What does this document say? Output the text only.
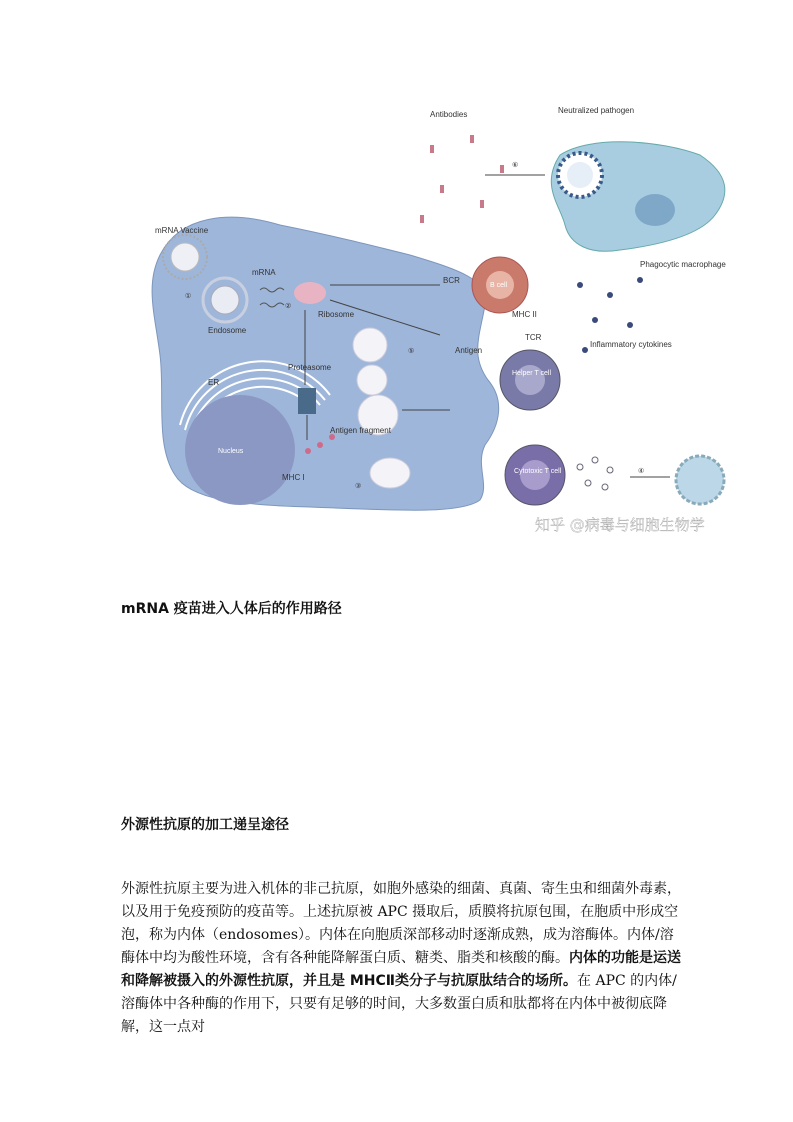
Antibodies	Neutralized pathogen
mRNA Vaccine
mRNA
Endosome
Ribosome
BCR
B cell
MHC II
TCR
Antigen
Proteasome
ER
Nucleus
Antigen fragment
MHC I
Helper T cell
Cytotoxic T cell
Phagocytic macrophage
Inflammatory cytokines
①
②
③
④
⑤
⑥
知乎 @病毒与细胞生物学
mRNA 疫苗进入人体后的作用路径
外源性抗原的加工递呈途径
外源性抗原主要为进入机体的非己抗原，如胞外感染的细菌、真菌、寄生虫和细菌外毒素，以及用于免疫预防的疫苗等。上述抗原被 APC 摄取后，质膜将抗原包围，在胞质中形成空泡，称为内体（endosomes）。内体在向胞质深部移动时逐渐成熟，成为溶酶体。内体/溶酶体中均为酸性环境，含有各种能降解蛋白质、糖类、脂类和核酸的酶。内体的功能是运送和降解被摄入的外源性抗原，并且是 MHCⅡ类分子与抗原肽结合的场所。在 APC 的内体/溶酶体中各种酶的作用下，只要有足够的时间，大多数蛋白质和肽都将在内体中被彻底降解，这一点对
